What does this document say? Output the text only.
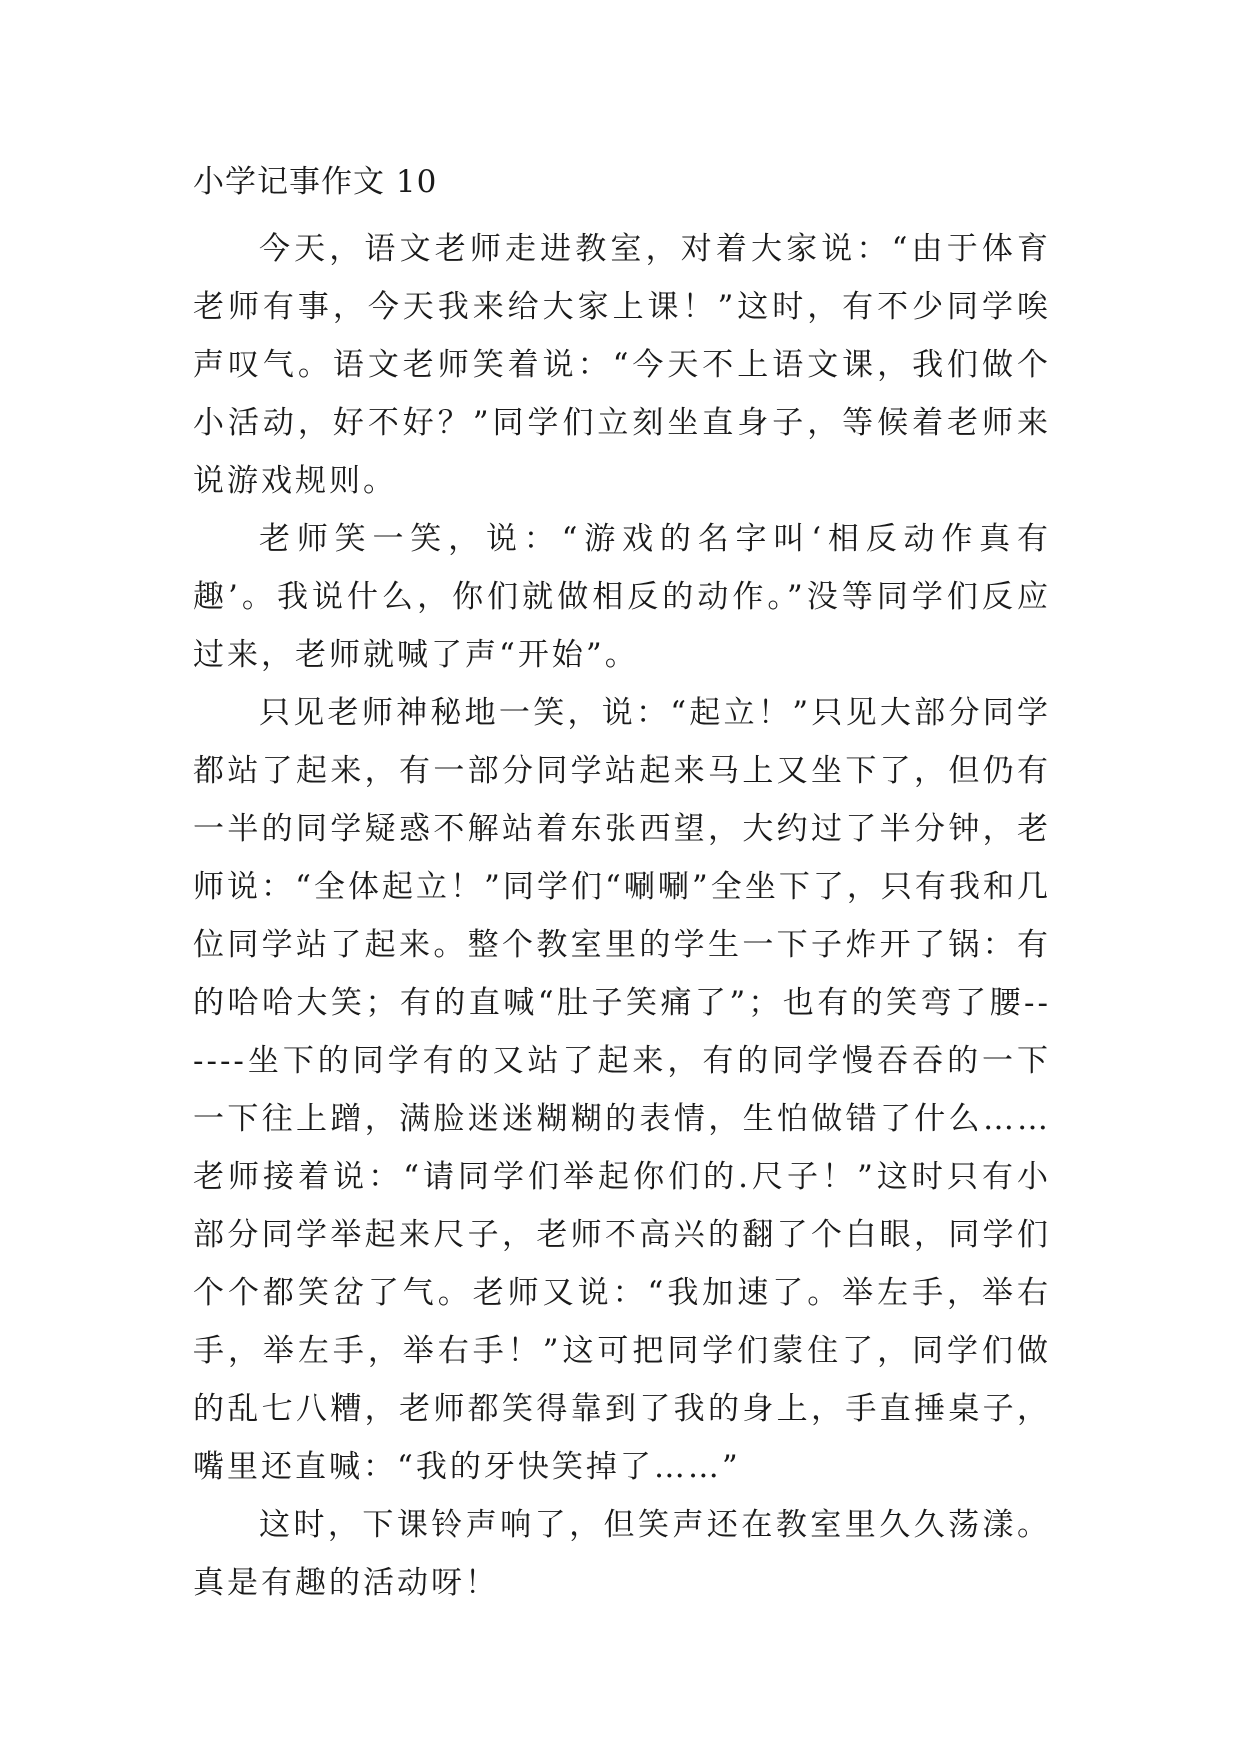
小学记事作文 10

今天，语文老师走进教室，对着大家说：“由于体育老师有事，今天我来给大家上课！”这时，有不少同学唉声叹气。语文老师笑着说：“今天不上语文课，我们做个小活动，好不好？”同学们立刻坐直身子，等候着老师来说游戏规则。

老师笑一笑，说：“游戏的名字叫‘相反动作真有趣’。我说什么，你们就做相反的动作。”没等同学们反应过来，老师就喊了声“开始”。

只见老师神秘地一笑，说：“起立！”只见大部分同学都站了起来，有一部分同学站起来马上又坐下了，但仍有一半的同学疑惑不解站着东张西望，大约过了半分钟，老师说：“全体起立！”同学们“唰唰”全坐下了，只有我和几位同学站了起来。整个教室里的学生一下子炸开了锅：有的哈哈大笑；有的直喊“肚子笑痛了”；也有的笑弯了腰------坐下的同学有的又站了起来，有的同学慢吞吞的一下一下往上蹭，满脸迷迷糊糊的表情，生怕做错了什么……老师接着说：“请同学们举起你们的.尺子！”这时只有小部分同学举起来尺子，老师不高兴的翻了个白眼，同学们个个都笑岔了气。老师又说：“我加速了。举左手，举右手，举左手，举右手！”这可把同学们蒙住了，同学们做的乱七八糟，老师都笑得靠到了我的身上，手直捶桌子，嘴里还直喊：“我的牙快笑掉了……”

这时，下课铃声响了，但笑声还在教室里久久荡漾。真是有趣的活动呀！
